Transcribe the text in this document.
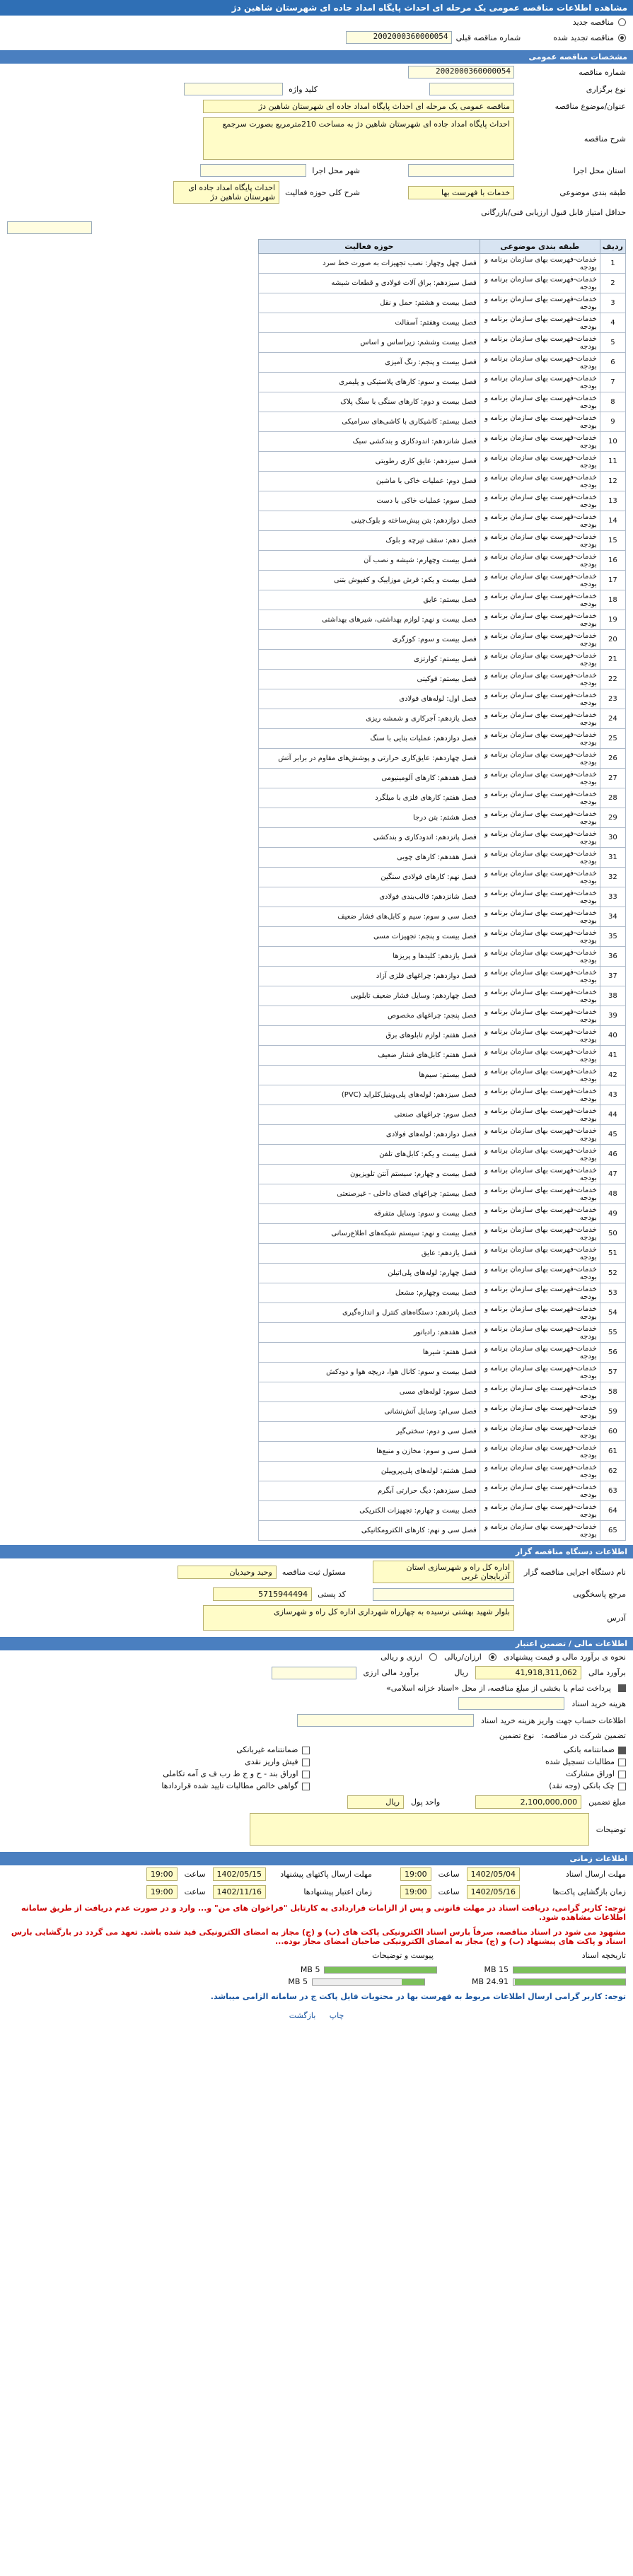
مشاهده اطلاعات مناقصه عمومی یک مرحله ای احداث پایگاه امداد جاده ای شهرستان شاهین دژ
مناقصه جدید
مناقصه تجدید شده
شماره مناقصه قبلی
2002000360000054
مشخصات مناقصه عمومی
شماره مناقصه
2002000360000054
نوع برگزاری
کلید واژه
عنوان/موضوع مناقصه
مناقصه عمومی یک مرحله ای احداث پایگاه امداد جاده ای شهرستان شاهین دژ
شرح مناقصه
احداث پایگاه امداد جاده ای شهرستان شاهین دژ به مساحت 210مترمربع بصورت سرجمع
استان محل اجرا
شهر محل اجرا
طبقه بندی موضوعی
خدمات با فهرست بها
شرح کلی حوزه فعالیت
احداث پایگاه امداد جاده ای شهرستان شاهین دژ
حداقل امتیاز قابل قبول ارزیابی فنی/بازرگانی
ردیف	طبقه بندی موضوعی	حوزه فعالیت
1	خدمات-فهرست بهای سازمان برنامه و بودجه	فصل چهل وچهار: نصب تجهیزات به صورت خط سرد
2	خدمات-فهرست بهای سازمان برنامه و بودجه	فصل سیزدهم: براق آلات فولادی و قطعات شیشه
3	خدمات-فهرست بهای سازمان برنامه و بودجه	فصل بیست و هشتم: حمل و نقل
4	خدمات-فهرست بهای سازمان برنامه و بودجه	فصل بیست وهفتم: آسفالت
5	خدمات-فهرست بهای سازمان برنامه و بودجه	فصل بیست وششم: زیراساس و اساس
6	خدمات-فهرست بهای سازمان برنامه و بودجه	فصل بیست و پنجم: رنگ آمیزی
7	خدمات-فهرست بهای سازمان برنامه و بودجه	فصل بیست و سوم: کارهای پلاستیکی و پلیمری
8	خدمات-فهرست بهای سازمان برنامه و بودجه	فصل بیست و دوم: کارهای سنگی با سنگ پلاک
9	خدمات-فهرست بهای سازمان برنامه و بودجه	فصل بیستم: کاشیکاری با کاشی‌های سرامیکی
10	خدمات-فهرست بهای سازمان برنامه و بودجه	فصل شانزدهم: اندودکاری و بندکشی سبک
11	خدمات-فهرست بهای سازمان برنامه و بودجه	فصل سیزدهم: عایق کاری رطوبتی
12	خدمات-فهرست بهای سازمان برنامه و بودجه	فصل دوم: عملیات خاکی با ماشین
13	خدمات-فهرست بهای سازمان برنامه و بودجه	فصل سوم: عملیات خاکی با دست
14	خدمات-فهرست بهای سازمان برنامه و بودجه	فصل دوازدهم: بتن پیش‌ساخته و بلوک‌چینی
15	خدمات-فهرست بهای سازمان برنامه و بودجه	فصل دهم: سقف تیرچه و بلوک
16	خدمات-فهرست بهای سازمان برنامه و بودجه	فصل بیست وچهارم: شیشه و نصب آن
17	خدمات-فهرست بهای سازمان برنامه و بودجه	فصل بیست و یکم: فرش موزاییک و کفپوش بتنی
18	خدمات-فهرست بهای سازمان برنامه و بودجه	فصل بیستم: عایق
19	خدمات-فهرست بهای سازمان برنامه و بودجه	فصل بیست و نهم: لوازم بهداشتی، شیرهای بهداشتی
20	خدمات-فهرست بهای سازمان برنامه و بودجه	فصل بیست و سوم: کوزگری
21	خدمات-فهرست بهای سازمان برنامه و بودجه	فصل بیستم: کوارتزی
22	خدمات-فهرست بهای سازمان برنامه و بودجه	فصل بیستم: فوکینی
23	خدمات-فهرست بهای سازمان برنامه و بودجه	فصل اول: لوله‌های فولادی
24	خدمات-فهرست بهای سازمان برنامه و بودجه	فصل یازدهم: آجرکاری و شمشه ریزی
25	خدمات-فهرست بهای سازمان برنامه و بودجه	فصل دوازدهم: عملیات بنایی با سنگ
26	خدمات-فهرست بهای سازمان برنامه و بودجه	فصل چهاردهم: عایق‌کاری حرارتی و پوشش‌های مقاوم در برابر آتش
27	خدمات-فهرست بهای سازمان برنامه و بودجه	فصل هفدهم: کارهای آلومینیومی
28	خدمات-فهرست بهای سازمان برنامه و بودجه	فصل هفتم: کارهای فلزی با میلگرد
29	خدمات-فهرست بهای سازمان برنامه و بودجه	فصل هشتم: بتن درجا
30	خدمات-فهرست بهای سازمان برنامه و بودجه	فصل پانزدهم: اندودکاری و بندکشی
31	خدمات-فهرست بهای سازمان برنامه و بودجه	فصل هفدهم: کارهای چوبی
32	خدمات-فهرست بهای سازمان برنامه و بودجه	فصل نهم: کارهای فولادی سنگین
33	خدمات-فهرست بهای سازمان برنامه و بودجه	فصل شانزدهم: قالب‌بندی فولادی
34	خدمات-فهرست بهای سازمان برنامه و بودجه	فصل سی و سوم: سیم و کابل‌های فشار ضعیف
35	خدمات-فهرست بهای سازمان برنامه و بودجه	فصل بیست و پنجم: تجهیزات مسی
36	خدمات-فهرست بهای سازمان برنامه و بودجه	فصل یازدهم: کلیدها و پریزها
37	خدمات-فهرست بهای سازمان برنامه و بودجه	فصل دوازدهم: چراغهای فلزی آزاد
38	خدمات-فهرست بهای سازمان برنامه و بودجه	فصل چهاردهم: وسایل فشار ضعیف تابلویی
39	خدمات-فهرست بهای سازمان برنامه و بودجه	فصل پنجم: چراغهای مخصوص
40	خدمات-فهرست بهای سازمان برنامه و بودجه	فصل هفتم: لوازم تابلوهای برق
41	خدمات-فهرست بهای سازمان برنامه و بودجه	فصل هفتم: کابل‌های فشار ضعیف
42	خدمات-فهرست بهای سازمان برنامه و بودجه	فصل بیستم: سیم‌ها
43	خدمات-فهرست بهای سازمان برنامه و بودجه	فصل سیزدهم: لوله‌های پلی‌وینیل‌کلراید (PVC)
44	خدمات-فهرست بهای سازمان برنامه و بودجه	فصل سوم: چراغهای صنعتی
45	خدمات-فهرست بهای سازمان برنامه و بودجه	فصل دوازدهم: لوله‌های فولادی
46	خدمات-فهرست بهای سازمان برنامه و بودجه	فصل بیست و یکم: کابل‌های تلفن
47	خدمات-فهرست بهای سازمان برنامه و بودجه	فصل بیست و چهارم: سیستم آنتن تلویزیون
48	خدمات-فهرست بهای سازمان برنامه و بودجه	فصل بیستم: چراغهای فضای داخلی - غیرصنعتی
49	خدمات-فهرست بهای سازمان برنامه و بودجه	فصل بیست و سوم: وسایل متفرقه
50	خدمات-فهرست بهای سازمان برنامه و بودجه	فصل بیست و نهم: سیستم شبکه‌های اطلاع‌رسانی
51	خدمات-فهرست بهای سازمان برنامه و بودجه	فصل یازدهم: عایق
52	خدمات-فهرست بهای سازمان برنامه و بودجه	فصل چهارم: لوله‌های پلی‌اتیلن
53	خدمات-فهرست بهای سازمان برنامه و بودجه	فصل بیست وچهارم: مشعل
54	خدمات-فهرست بهای سازمان برنامه و بودجه	فصل پانزدهم: دستگاه‌های کنترل و اندازه‌گیری
55	خدمات-فهرست بهای سازمان برنامه و بودجه	فصل هفدهم: رادیاتور
56	خدمات-فهرست بهای سازمان برنامه و بودجه	فصل هفتم: شیرها
57	خدمات-فهرست بهای سازمان برنامه و بودجه	فصل بیست و سوم: کانال هوا، دریچه هوا و دودکش
58	خدمات-فهرست بهای سازمان برنامه و بودجه	فصل سوم: لوله‌های مسی
59	خدمات-فهرست بهای سازمان برنامه و بودجه	فصل سی‌ام: وسایل آتش‌نشانی
60	خدمات-فهرست بهای سازمان برنامه و بودجه	فصل سی و دوم: سختی‌گیر
61	خدمات-فهرست بهای سازمان برنامه و بودجه	فصل سی و سوم: مخازن و منبع‌ها
62	خدمات-فهرست بهای سازمان برنامه و بودجه	فصل هشتم: لوله‌های پلی‌پروپیلن
63	خدمات-فهرست بهای سازمان برنامه و بودجه	فصل سیزدهم: دیگ حرارتی آبگرم
64	خدمات-فهرست بهای سازمان برنامه و بودجه	فصل بیست و چهارم: تجهیزات الکتریکی
65	خدمات-فهرست بهای سازمان برنامه و بودجه	فصل سی و نهم: کارهای الکترومکانیکی
اطلاعات دستگاه مناقصه گزار
نام دستگاه اجرایی مناقصه گزار
اداره کل راه و شهرسازی استان آذربایجان غربی
مسئول ثبت مناقصه
وحید وحیدیان
مرجع پاسخگویی
کد پستی
5715944494
آدرس
بلوار شهید بهشتی نرسیده به چهارراه شهرداری اداره کل راه و شهرسازی
اطلاعات مالی / تضمین اعتبار
نحوه ی برآورد مالی و قیمت پیشنهادی
ارزان/ریالی
ارزی و ریالی
برآورد مالی
41,918,311,062
ریال
برآورد مالی ارزی
پرداخت تمام یا بخشی از مبلغ مناقصه، از محل «اسناد خزانه اسلامی»
هزینه خرید اسناد
اطلاعات حساب جهت واریز هزینه خرید اسناد
تضمین شرکت در مناقصه:
نوع تضمین
ضمانتنامه بانکی
ضمانتنامه غیربانکی
مطالبات تسجیل شده
فیش واریز نقدی
اوراق مشارکت
اوراق بند - ح و ج ط رب ف ی آمه تکاملی
چک بانکی (وجه نقد)
گواهی خالص مطالبات تایید شده قراردادها
مبلغ تضمین
2,100,000,000
واحد پول
ریال
توضیحات
اطلاعات زمانی
مهلت ارسال اسناد
1402/05/04
ساعت
19:00
مهلت ارسال پاکتهای پیشنهاد
1402/05/15
ساعت
19:00
زمان بازگشایی پاکت‌ها
1402/05/16
ساعت
19:00
زمان اعتبار پیشنهادها
1402/11/16
ساعت
19:00
توجه: کاربر گرامی، دریافت اسناد در مهلت قانونی و پس از الزامات قراردادی به کارتابل "فراخوان های من" و... وارد و در صورت عدم دریافت از طریق سامانه اطلاعات مشاهده شود.
مشهود می شود در اسناد مناقصه، صرفاً بارس اسناد الکترونیکی پاکت های (ب) و (ج) مجاز به امضای الکترونیکی قید شده باشد. تعهد می گردد در بارگشایی بارس اسناد و پاکت های پیشنهاد (ب) و (ج) مجاز به امضای الکترونیکی صاحبان امضای مجاز بوده...
تاریخچه اسناد
پیوست و توضیحات
15 MB
5 MB
24.91 MB
5 MB
توجه: کاربر گرامی ارسال اطلاعات مربوط به فهرست بها در محتویات فایل پاکت ج در سامانه الزامی میباشد.
چاپ بازگشت
